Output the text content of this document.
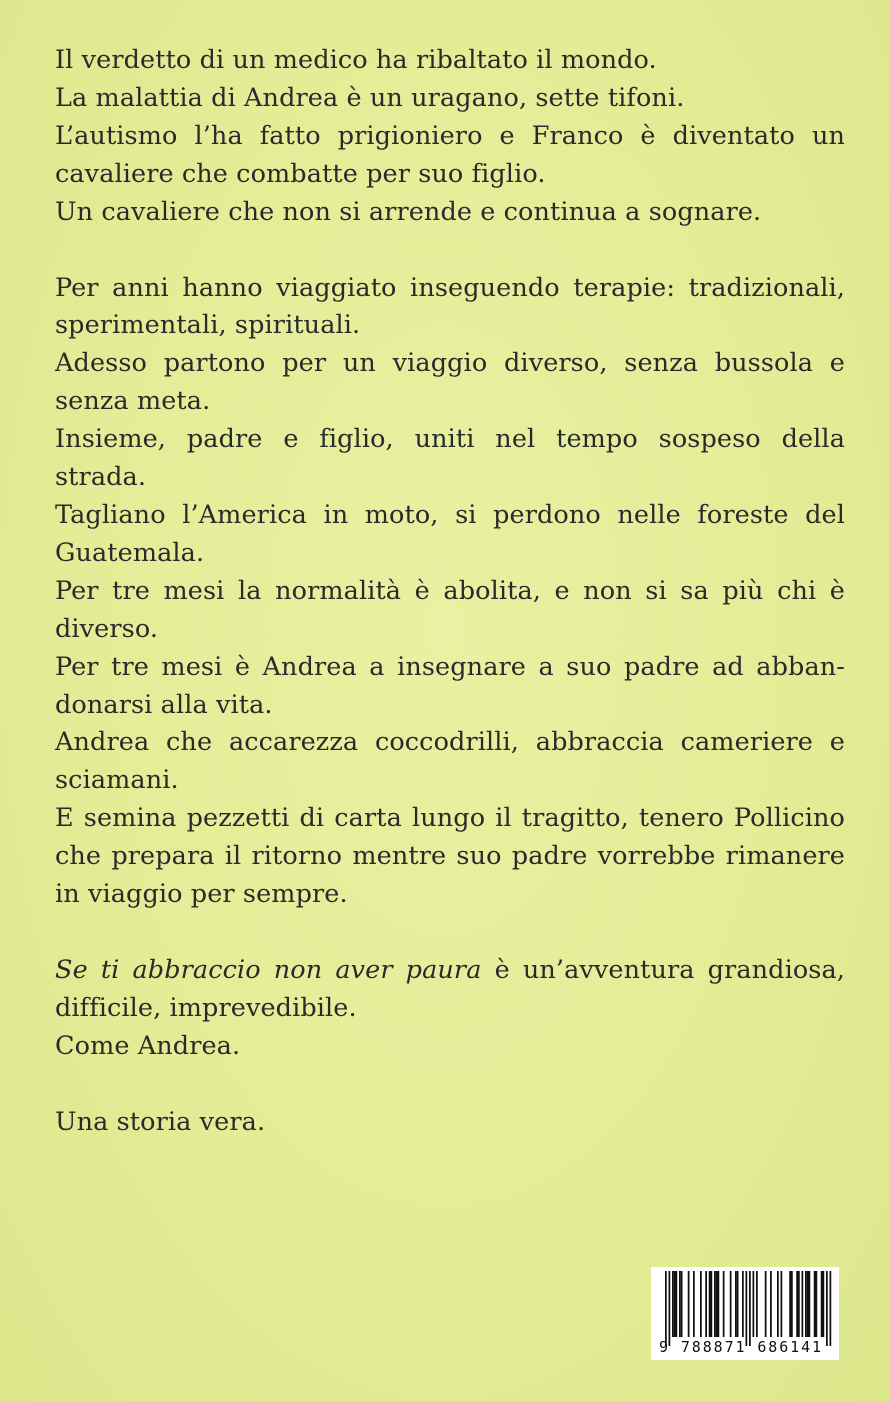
Il verdetto di un medico ha ribaltato il mondo.
La malattia di Andrea è un uragano, sette tifoni.
L’autismo l’ha fatto prigioniero e Franco è diventato un
cavaliere che combatte per suo figlio.
Un cavaliere che non si arrende e continua a sognare.

Per anni hanno viaggiato inseguendo terapie: tradizionali,
sperimentali, spirituali.
Adesso partono per un viaggio diverso, senza bussola e
senza meta.
Insieme, padre e figlio, uniti nel tempo sospeso della
strada.
Tagliano l’America in moto, si perdono nelle foreste del
Guatemala.
Per tre mesi la normalità è abolita, e non si sa più chi è
diverso.
Per tre mesi è Andrea a insegnare a suo padre ad abban-
donarsi alla vita.
Andrea che accarezza coccodrilli, abbraccia cameriere e
sciamani.
E semina pezzetti di carta lungo il tragitto, tenero Pollicino
che prepara il ritorno mentre suo padre vorrebbe rimanere
in viaggio per sempre.

Se ti abbraccio non aver paura è un’avventura grandiosa,
difficile, imprevedibile.
Come Andrea.

Una storia vera.

9 788871 686141
